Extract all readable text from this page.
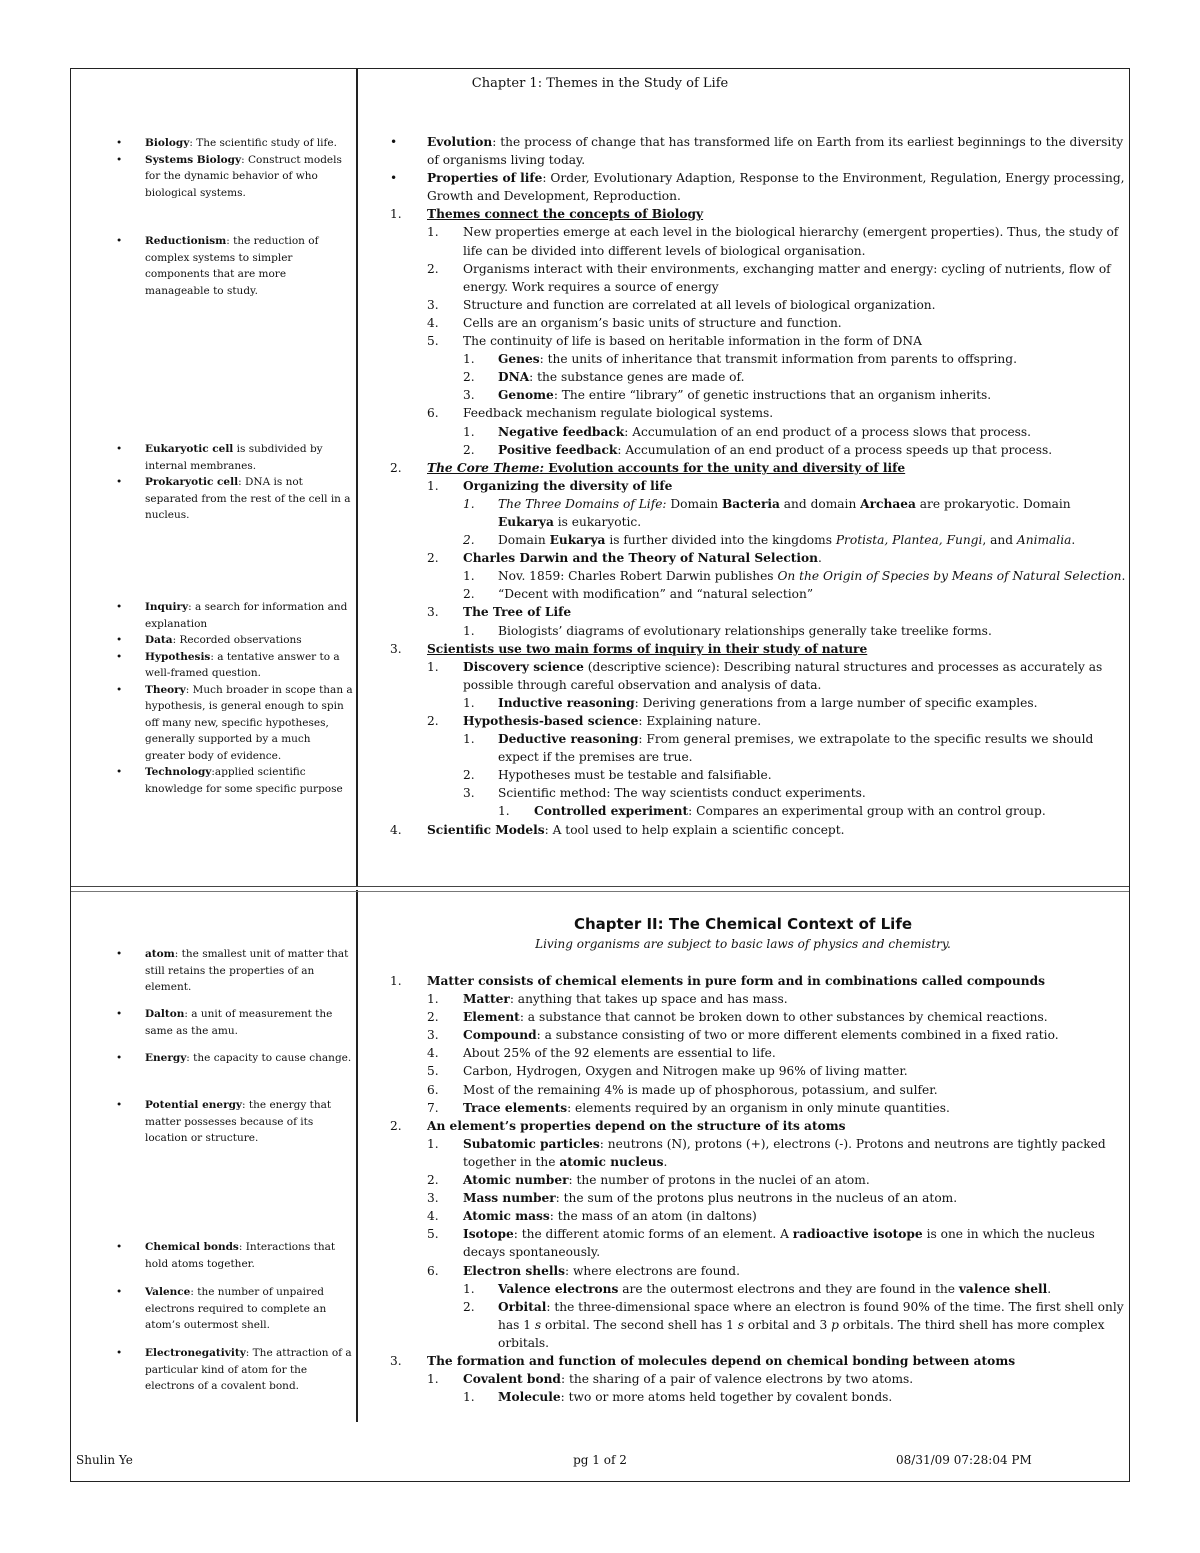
Chapter 1: Themes in the Study of Life
• Biology: The scientific study of life.
• Systems Biology: Construct models for the dynamic behavior of who biological systems.
• Reductionism: the reduction of complex systems to simpler components that are more manageable to study.
• Eukaryotic cell is subdivided by internal membranes.
• Prokaryotic cell: DNA is not separated from the rest of the cell in a nucleus.
• Inquiry: a search for information and explanation
• Data: Recorded observations
• Hypothesis: a tentative answer to a well-framed question.
• Theory: Much broader in scope than a hypothesis, is general enough to spin off many new, specific hypotheses, generally supported by a much greater body of evidence.
• Technology:applied scientific knowledge for some specific purpose
• Evolution: the process of change that has transformed life on Earth from its earliest beginnings to the diversity of organisms living today.
• Properties of life: Order, Evolutionary Adaption, Response to the Environment, Regulation, Energy processing, Growth and Development, Reproduction.
1. Themes connect the concepts of Biology
1. New properties emerge at each level in the biological hierarchy (emergent properties). Thus, the study of life can be divided into different levels of biological organisation.
2. Organisms interact with their environments, exchanging matter and energy: cycling of nutrients, flow of energy. Work requires a source of energy
3. Structure and function are correlated at all levels of biological organization.
4. Cells are an organism’s basic units of structure and function.
5. The continuity of life is based on heritable information in the form of DNA
1. Genes: the units of inheritance that transmit information from parents to offspring.
2. DNA: the substance genes are made of.
3. Genome: The entire “library” of genetic instructions that an organism inherits.
6. Feedback mechanism regulate biological systems.
1. Negative feedback: Accumulation of an end product of a process slows that process.
2. Positive feedback: Accumulation of an end product of a process speeds up that process.
2. The Core Theme: Evolution accounts for the unity and diversity of life
1. Organizing the diversity of life
1. The Three Domains of Life: Domain Bacteria and domain Archaea are prokaryotic. Domain Eukarya is eukaryotic.
2. Domain Eukarya is further divided into the kingdoms Protista, Plantea, Fungi, and Animalia.
2. Charles Darwin and the Theory of Natural Selection.
1. Nov. 1859: Charles Robert Darwin publishes On the Origin of Species by Means of Natural Selection.
2. “Decent with modification” and “natural selection”
3. The Tree of Life
1. Biologists’ diagrams of evolutionary relationships generally take treelike forms.
3. Scientists use two main forms of inquiry in their study of nature
1. Discovery science (descriptive science): Describing natural structures and processes as accurately as possible through careful observation and analysis of data.
1. Inductive reasoning: Deriving generations from a large number of specific examples.
2. Hypothesis-based science: Explaining nature.
1. Deductive reasoning: From general premises, we extrapolate to the specific results we should expect if the premises are true.
2. Hypotheses must be testable and falsifiable.
3. Scientific method: The way scientists conduct experiments.
1. Controlled experiment: Compares an experimental group with an control group.
4. Scientific Models: A tool used to help explain a scientific concept.
Chapter II: The Chemical Context of Life
Living organisms are subject to basic laws of physics and chemistry.
• atom: the smallest unit of matter that still retains the properties of an element.
• Dalton: a unit of measurement the same as the amu.
• Energy: the capacity to cause change.
• Potential energy: the energy that matter possesses because of its location or structure.
• Chemical bonds: Interactions that hold atoms together.
• Valence: the number of unpaired electrons required to complete an atom’s outermost shell.
• Electronegativity: The attraction of a particular kind of atom for the electrons of a covalent bond.
1. Matter consists of chemical elements in pure form and in combinations called compounds
1. Matter: anything that takes up space and has mass.
2. Element: a substance that cannot be broken down to other substances by chemical reactions.
3. Compound: a substance consisting of two or more different elements combined in a fixed ratio.
4. About 25% of the 92 elements are essential to life.
5. Carbon, Hydrogen, Oxygen and Nitrogen make up 96% of living matter.
6. Most of the remaining 4% is made up of phosphorous, potassium, and sulfer.
7. Trace elements: elements required by an organism in only minute quantities.
2. An element’s properties depend on the structure of its atoms
1. Subatomic particles: neutrons (N), protons (+), electrons (-). Protons and neutrons are tightly packed together in the atomic nucleus.
2. Atomic number: the number of protons in the nuclei of an atom.
3. Mass number: the sum of the protons plus neutrons in the nucleus of an atom.
4. Atomic mass: the mass of an atom (in daltons)
5. Isotope: the different atomic forms of an element. A radioactive isotope is one in which the nucleus decays spontaneously.
6. Electron shells: where electrons are found.
1. Valence electrons are the outermost electrons and they are found in the valence shell.
2. Orbital: the three-dimensional space where an electron is found 90% of the time. The first shell only has 1 s orbital. The second shell has 1 s orbital and 3 p orbitals. The third shell has more complex orbitals.
3. The formation and function of molecules depend on chemical bonding between atoms
1. Covalent bond: the sharing of a pair of valence electrons by two atoms.
1. Molecule: two or more atoms held together by covalent bonds.
Shulin Ye	pg 1 of 2	08/31/09 07:28:04 PM
